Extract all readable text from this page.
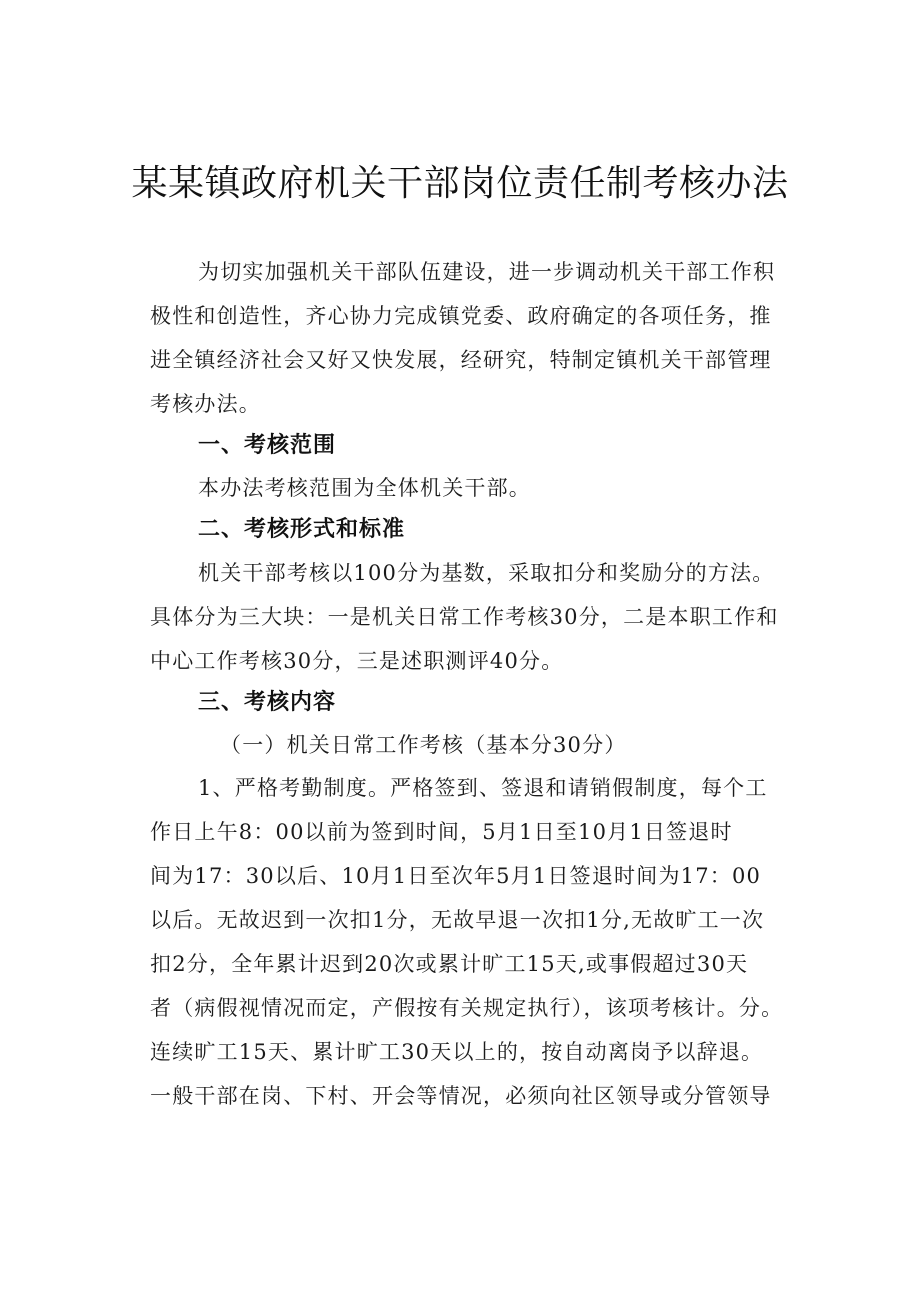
某某镇政府机关干部岗位责任制考核办法
为切实加强机关干部队伍建设，进一步调动机关干部工作积
极性和创造性，齐心协力完成镇党委、政府确定的各项任务，推
进全镇经济社会又好又快发展，经研究，特制定镇机关干部管理
考核办法。
一、考核范围
本办法考核范围为全体机关干部。
二、考核形式和标准
机关干部考核以100分为基数，采取扣分和奖励分的方法。
具体分为三大块：一是机关日常工作考核30分，二是本职工作和
中心工作考核30分，三是述职测评40分。
三、考核内容
（一）机关日常工作考核（基本分30分）
1、严格考勤制度。严格签到、签退和请销假制度，每个工
作日上午8：00以前为签到时间，5月1日至10月1日签退时
间为17：30以后、10月1日至次年5月1日签退时间为17：00
以后。无故迟到一次扣1分，无故早退一次扣1分,无故旷工一次
扣2分，全年累计迟到20次或累计旷工15天,或事假超过30天
者（病假视情况而定，产假按有关规定执行），该项考核计。分。
连续旷工15天、累计旷工30天以上的，按自动离岗予以辞退。
一般干部在岗、下村、开会等情况，必须向社区领导或分管领导
